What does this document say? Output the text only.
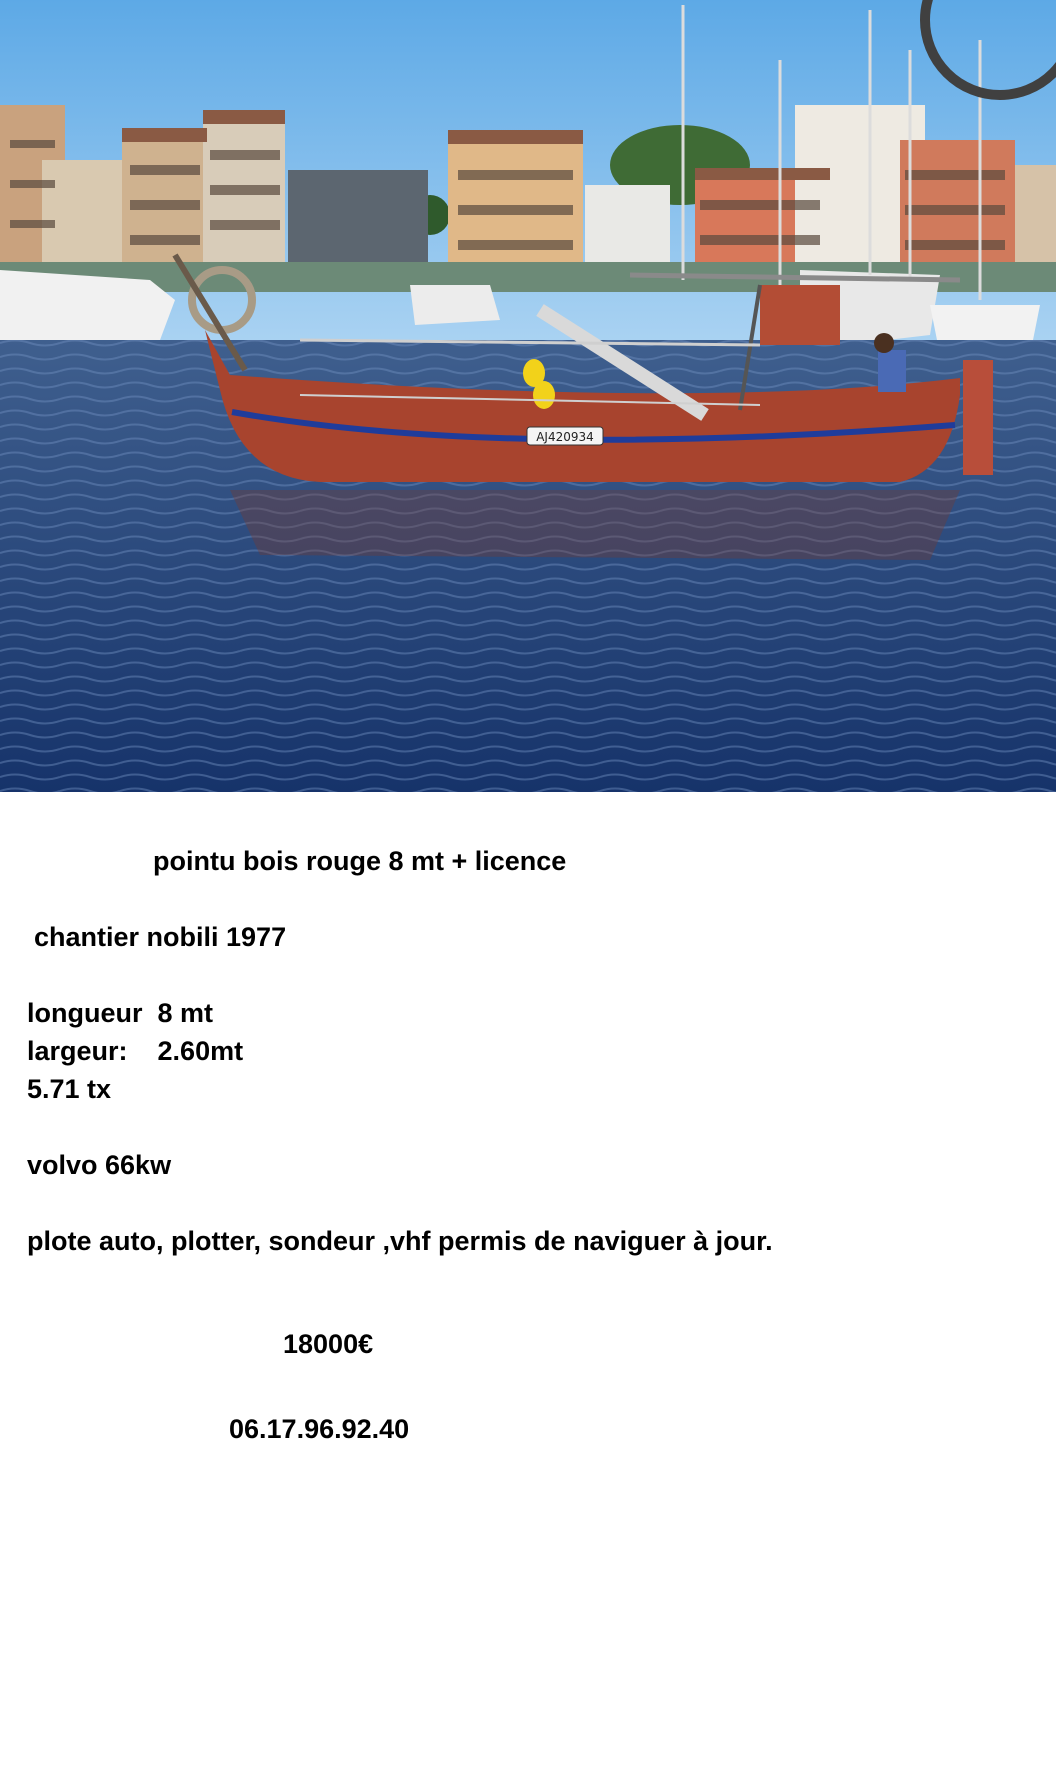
AJ420934
pointu bois rouge 8 mt + licence
chantier nobili 1977
longueur  8 mt
largeur:    2.60mt
5.71 tx
volvo 66kw
plote auto, plotter, sondeur ,vhf permis de naviguer à jour.
18000€
06.17.96.92.40
